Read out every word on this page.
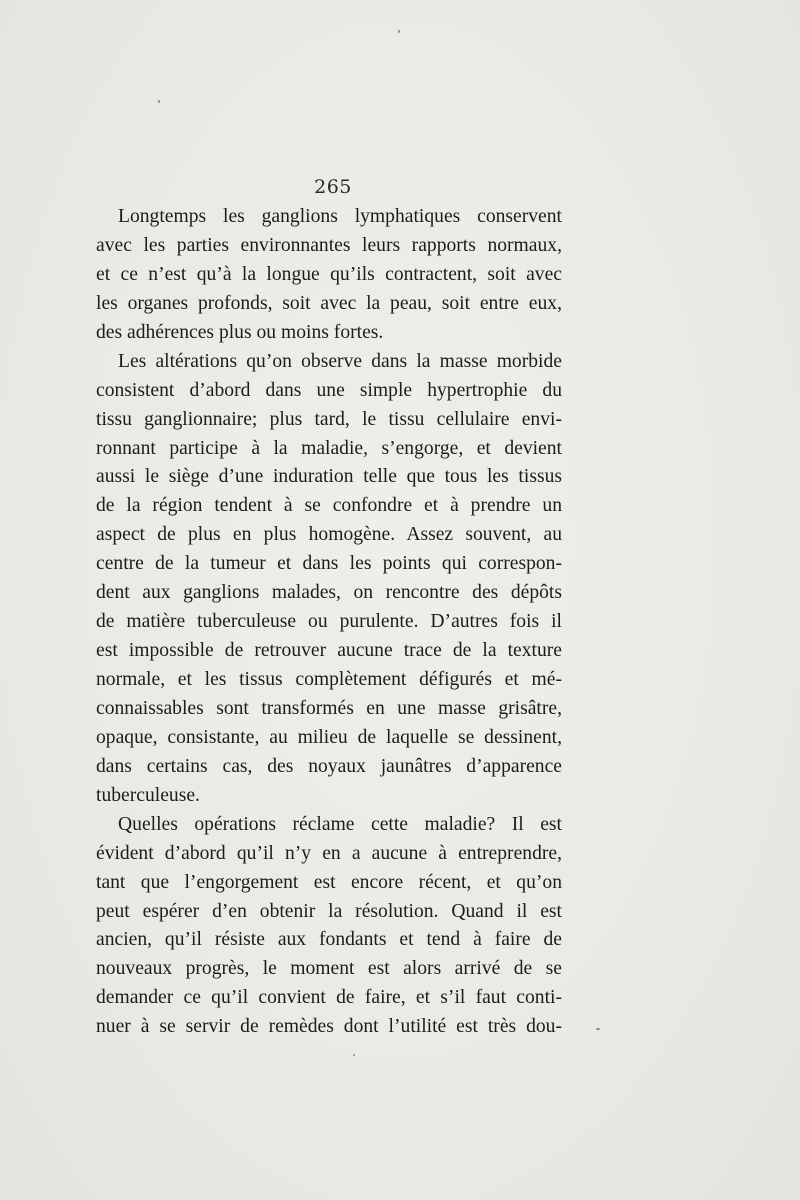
265
Longtemps les ganglions lymphatiques conservent
avec les parties environnantes leurs rapports normaux,
et ce n’est qu’à la longue qu’ils contractent, soit avec
les organes profonds, soit avec la peau, soit entre eux,
des adhérences plus ou moins fortes.
Les altérations qu’on observe dans la masse morbide
consistent d’abord dans une simple hypertrophie du
tissu ganglionnaire; plus tard, le tissu cellulaire envi-
ronnant participe à la maladie, s’engorge, et devient
aussi le siège d’une induration telle que tous les tissus
de la région tendent à se confondre et à prendre un
aspect de plus en plus homogène. Assez souvent, au
centre de la tumeur et dans les points qui correspon-
dent aux ganglions malades, on rencontre des dépôts
de matière tuberculeuse ou purulente. D’autres fois il
est impossible de retrouver aucune trace de la texture
normale, et les tissus complètement défigurés et mé-
connaissables sont transformés en une masse grisâtre,
opaque, consistante, au milieu de laquelle se dessinent,
dans certains cas, des noyaux jaunâtres d’apparence
tuberculeuse.
Quelles opérations réclame cette maladie? Il est
évident d’abord qu’il n’y en a aucune à entreprendre,
tant que l’engorgement est encore récent, et qu’on
peut espérer d’en obtenir la résolution. Quand il est
ancien, qu’il résiste aux fondants et tend à faire de
nouveaux progrès, le moment est alors arrivé de se
demander ce qu’il convient de faire, et s’il faut conti-
nuer à se servir de remèdes dont l’utilité est très dou-
